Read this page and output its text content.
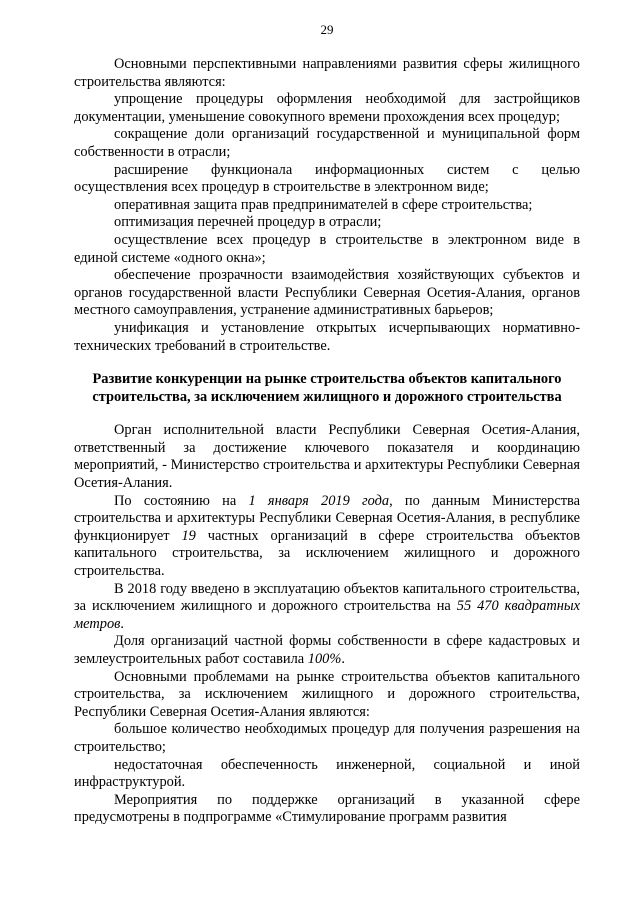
29

Основными перспективными направлениями развития сферы жилищного строительства являются:

упрощение процедуры оформления необходимой для застройщиков документации, уменьшение совокупного времени прохождения всех процедур;

сокращение доли организаций государственной и муниципальной форм собственности в отрасли;

расширение функционала информационных систем с целью осуществления всех процедур в строительстве в электронном виде;

оперативная защита прав предпринимателей в сфере строительства;

оптимизация перечней процедур в отрасли;

осуществление всех процедур в строительстве в электронном виде в единой системе «одного окна»;

обеспечение прозрачности взаимодействия хозяйствующих субъектов и органов государственной власти Республики Северная Осетия-Алания, органов местного самоуправления, устранение административных барьеров;

унификация и установление открытых исчерпывающих нормативно-технических требований в строительстве.

Развитие конкуренции на рынке строительства объектов капитального
строительства, за исключением жилищного и дорожного строительства

Орган исполнительной власти Республики Северная Осетия-Алания, ответственный за достижение ключевого показателя и координацию мероприятий, - Министерство строительства и архитектуры Республики Северная Осетия-Алания.

По состоянию на 1 января 2019 года, по данным Министерства строительства и архитектуры Республики Северная Осетия-Алания, в республике функционирует 19 частных организаций в сфере строительства объектов капитального строительства, за исключением жилищного и дорожного строительства.

В 2018 году введено в эксплуатацию объектов капитального строительства, за исключением жилищного и дорожного строительства на 55 470 квадратных метров.

Доля организаций частной формы собственности в сфере кадастровых и землеустроительных работ составила 100%.

Основными проблемами на рынке строительства объектов капитального строительства, за исключением жилищного и дорожного строительства, Республики Северная Осетия-Алания являются:

большое количество необходимых процедур для получения разрешения на строительство;

недостаточная обеспеченность инженерной, социальной и иной инфраструктурой.

Мероприятия по поддержке организаций в указанной сфере предусмотрены в подпрограмме «Стимулирование программ развития
